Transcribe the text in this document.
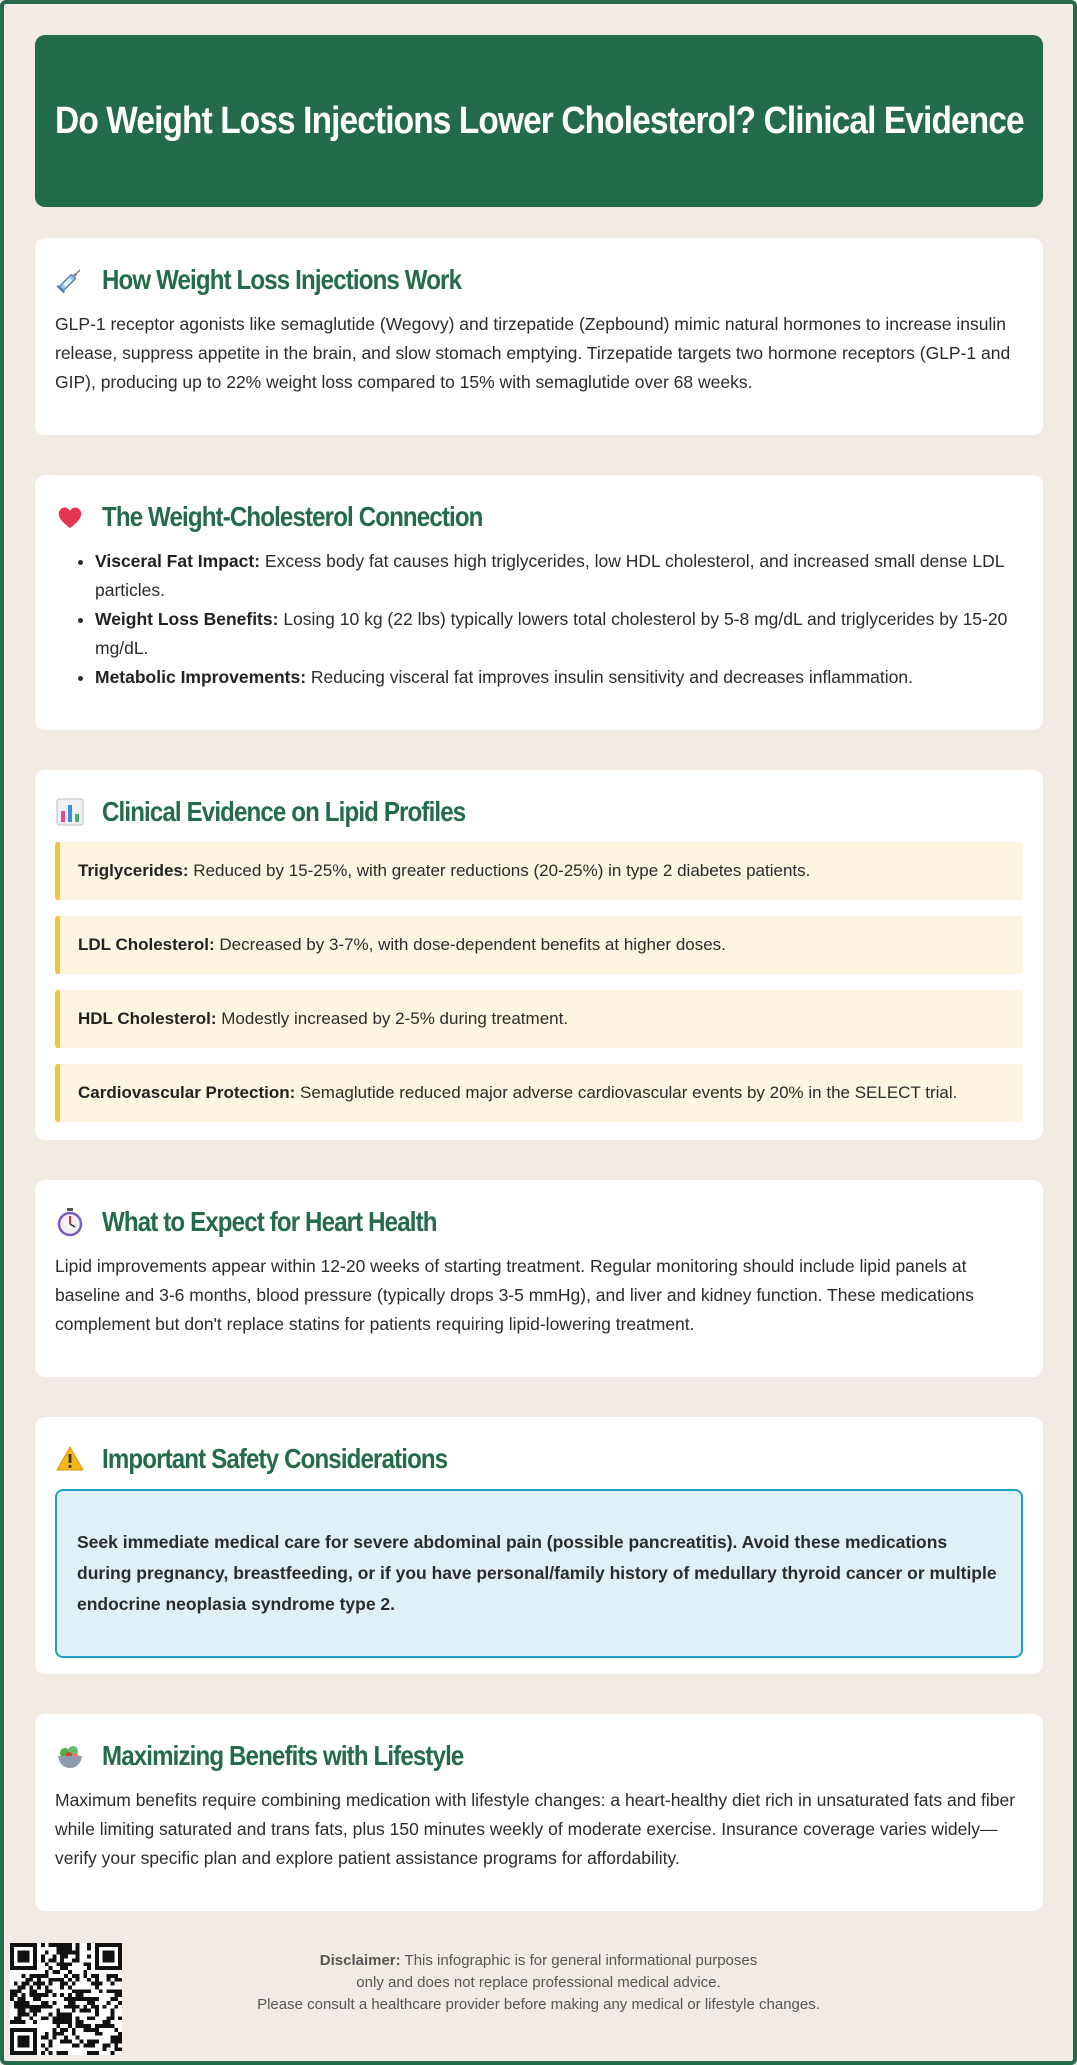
Do Weight Loss Injections Lower Cholesterol? Clinical Evidence
How Weight Loss Injections Work

GLP-1 receptor agonists like semaglutide (Wegovy) and tirzepatide (Zepbound) mimic natural hormones to increase insulin release, suppress appetite in the brain, and slow stomach emptying. Tirzepatide targets two hormone receptors (GLP-1 and GIP), producing up to 22% weight loss compared to 15% with semaglutide over 68 weeks.

The Weight-Cholesterol Connection
• Visceral Fat Impact: Excess body fat causes high triglycerides, low HDL cholesterol, and increased small dense LDL particles.
• Weight Loss Benefits: Losing 10 kg (22 lbs) typically lowers total cholesterol by 5-8 mg/dL and triglycerides by 15-20 mg/dL.
• Metabolic Improvements: Reducing visceral fat improves insulin sensitivity and decreases inflammation.
Clinical Evidence on Lipid Profiles
Triglycerides: Reduced by 15-25%, with greater reductions (20-25%) in type 2 diabetes patients.
LDL Cholesterol: Decreased by 3-7%, with dose-dependent benefits at higher doses.
HDL Cholesterol: Modestly increased by 2-5% during treatment.
Cardiovascular Protection: Semaglutide reduced major adverse cardiovascular events by 20% in the SELECT trial.
What to Expect for Heart Health

Lipid improvements appear within 12-20 weeks of starting treatment. Regular monitoring should include lipid panels at baseline and 3-6 months, blood pressure (typically drops 3-5 mmHg), and liver and kidney function. These medications complement but don't replace statins for patients requiring lipid-lowering treatment.

Important Safety Considerations
Seek immediate medical care for severe abdominal pain (possible pancreatitis). Avoid these medications during pregnancy, breastfeeding, or if you have personal/family history of medullary thyroid cancer or multiple endocrine neoplasia syndrome type 2.
Maximizing Benefits with Lifestyle

Maximum benefits require combining medication with lifestyle changes: a heart-healthy diet rich in unsaturated fats and fiber while limiting saturated and trans fats, plus 150 minutes weekly of moderate exercise. Insurance coverage varies widely—verify your specific plan and explore patient assistance programs for affordability.

Disclaimer: This infographic is for general informational purposes
only and does not replace professional medical advice.
Please consult a healthcare provider before making any medical or lifestyle changes.
